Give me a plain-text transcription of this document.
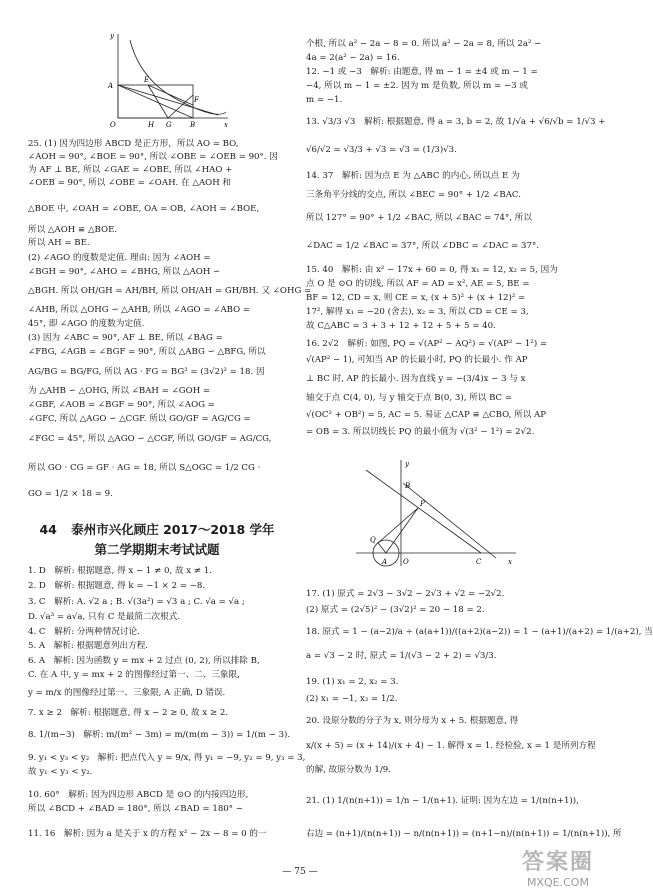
y
A
E
F
O	H G	B	x
25. (1) 因为四边形 ABCD 是正方形，所以 AO = BO,
∠AOH = 90°, ∠BOE = 90°, 所以 ∠OBE = ∠OEB = 90°. 因
为 AF ⊥ BE, 所以 ∠GAE = ∠OBE, 所以 ∠HAO +
∠OEB = 90°, 所以 ∠OBE = ∠OAH. 在 △AOH 和
△BOE 中, ∠OAH = ∠OBE, OA = OB, ∠AOH = ∠BOE,
所以 △AOH ≌ △BOE.
所以 AH = BE.
(2) ∠AGO 的度数是定值. 理由: 因为 ∠AOH =
∠BGH = 90°, ∠AHO = ∠BHG, 所以 △AOH ∽
△BGH. 所以 OH/GH = AH/BH, 所以 OH/AH = GH/BH. 又 ∠OHG =
∠AHB, 所以 △OHG ∽ △AHB, 所以 ∠AGO = ∠ABO =
45°, 即 ∠AGO 的度数为定值.
(3) 因为 ∠ABC = 90°, AF ⊥ BE, 所以 ∠BAG =
∠FBG, ∠AGB = ∠BGF = 90°, 所以 △ABG ∽ △BFG, 所以
AG/BG = BG/FG, 所以 AG · FG = BG² = (3√2)² = 18. 因
为 △AHB ∽ △OHG, 所以 ∠BAH = ∠GOH =
∠GBF, ∠AOB = ∠BGF = 90°, 所以 ∠AOG =
∠GFC, 所以 △AGO ∽ △CGF. 所以 GO/GF = AG/CG =
∠FGC = 45°, 所以 △AGO ∽ △CGF, 所以 GO/GF = AG/CG,
所以 GO · CG = GF · AG = 18, 所以 S△OGC = 1/2 CG ·
GO = 1/2 × 18 = 9.
44 泰州市兴化顾庄 2017～2018 学年
第二学期期末考试试题
1. D　解析: 根据题意, 得 x − 1 ≠ 0, 故 x ≠ 1.
2. D　解析: 根据题意, 得 k = −1 × 2 = −8.
3. C　解析: A. √2 a ; B. √(3a²) = √3 a ; C. √a = √a ;
D. √a³ = a√a, 只有 C 是最简二次根式.
4. C　解析: 分两种情况讨论.
5. A　解析: 根据题意列出方程.
6. A　解析: 因为函数 y = mx + 2 过点 (0, 2), 所以排除 B,
C. 在 A 中, y = mx + 2 的图像经过第一、二、三象限,
y = m/x 的图像经过第一、三象限, A 正确, D 错误.
7. x ≥ 2　解析: 根据题意, 得 x − 2 ≥ 0, 故 x ≥ 2.
8. 1/(m−3)　解析: m/(m² − 3m) = m/(m(m − 3)) = 1/(m − 3).
9. y₁ < y₃ < y₂　解析: 把点代入 y = 9/x, 得 y₁ = −9, y₂ = 9, y₃ = 3,
故 y₁ < y₃ < y₂.
10. 60°　解析: 因为四边形 ABCD 是 ⊙O 的内接四边形,
所以 ∠BCD + ∠BAD = 180°, 所以 ∠BAD = 180° −
11. 16　解析: 因为 a 是关于 x 的方程 x² − 2x − 8 = 0 的一
个根, 所以 a² − 2a − 8 = 0. 所以 a² − 2a = 8, 所以 2a² −
4a = 2(a² − 2a) = 16.
12. −1 或 −3　解析: 由题意, 得 m − 1 = ±4 或 m − 1 =
−4, 所以 m − 1 = ±2. 因为 m 是负数, 所以 m = −3 或
m = −1.
13. √3/3 √3　解析: 根据题意, 得 a = 3, b = 2, 故 1/√a + √6/√b = 1/√3 +
√6/√2 = √3/3 + √3 = √3 = (1/3)√3.
14. 37　解析: 因为点 E 为 △ABC 的内心, 所以点 E 为
三条角平分线的交点, 所以 ∠BEC = 90° + 1/2 ∠BAC.
所以 127° = 90° + 1/2 ∠BAC, 所以 ∠BAC = 74°, 所以
∠DAC = 1/2 ∠BAC = 37°, 所以 ∠DBC = ∠DAC = 37°.
15. 40　解析: 由 x² − 17x + 60 = 0, 得 x₁ = 12, x₂ = 5, 因为
点 O 是 ⊙O 的切线, 所以 AF = AD = x², AE = 5, BE =
BF = 12, CD = x, 则 CE = x, (x + 5)² + (x + 12)² =
17², 解得 x₁ = −20 (舍去), x₂ = 3, 所以 CD = CE = 3,
故 C△ABC = 3 + 3 + 12 + 12 + 5 + 5 = 40.
16. 2√2　解析: 如图, PQ = √(AP² − AQ²) = √(AP² − 1²) =
√(AP² − 1), 可知当 AP 的长最小时, PQ 的长最小. 作 AP
⊥ BC 时, AP 的长最小. 因为直线 y = −(3/4)x − 3 与 x
轴交于点 C(4, 0), 与 y 轴交于点 B(0, 3), 所以 BC =
√(OC² + OB²) = 5, AC = 5. 易证 △CAP ≌ △CBO, 所以 AP
= OB = 3. 所以切线长 PQ 的最小值为 √(3² − 1²) = 2√2.
y
B
P
Q
A O	C	x
17. (1) 原式 = 2√3 − 3√2 − 2√3 + √2 = −2√2.
(2) 原式 = (2√5)² − (3√2)² = 20 − 18 = 2.
18. 原式 = 1 − (a−2)/a ÷ (a(a+1))/((a+2)(a−2)) = 1 − (a+1)/(a+2) = 1/(a+2), 当
a = √3 − 2 时, 原式 = 1/(√3 − 2 + 2) = √3/3.
19. (1) x₁ = 2, x₂ = 3.
(2) x₁ = −1, x₂ = 1/2.
20. 设原分数的分子为 x, 则分母为 x + 5. 根据题意, 得
x/(x + 5) = (x + 14)/(x + 4) − 1. 解得 x = 1. 经检验, x = 1 是所列方程
的解, 故原分数为 1/9.
21. (1) 1/(n(n+1)) = 1/n − 1/(n+1). 证明: 因为左边 = 1/(n(n+1)),
右边 = (n+1)/(n(n+1)) − n/(n(n+1)) = (n+1−n)/(n(n+1)) = 1/(n(n+1)), 所
— 75 —	答案圈
MXQE.COM
